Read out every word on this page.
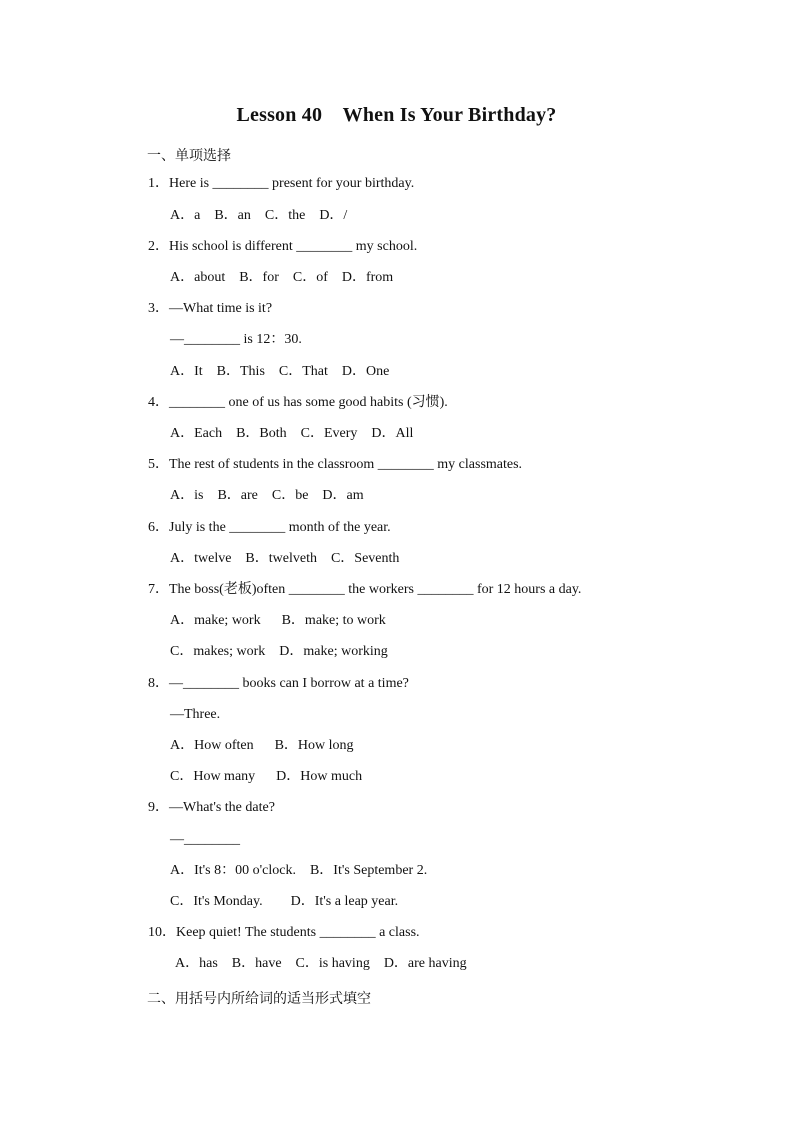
Lesson 40    When Is Your Birthday?
一、单项选择
1．Here is ________ present for your birthday.
A．a    B．an    C．the    D．/
2．His school is different ________ my school.
A．about    B．for    C．of    D．from
3．—What time is it?
—________ is 12：30.
A．It    B．This    C．That    D．One
4．________ one of us has some good habits (习惯).
A．Each    B．Both    C．Every    D．All
5．The rest of students in the classroom ________ my classmates.
A．is    B．are    C．be    D．am
6．July is the ________ month of the year.
A．twelve    B．twelveth    C．Seventh
7．The boss(老板)often ________ the workers ________ for 12 hours a day.
A．make; work      B．make; to work
C．makes; work    D．make; working
8．—________ books can I borrow at a time?
—Three.
A．How often      B．How long
C．How many      D．How much
9．—What's the date?
—________
A．It's 8：00 o'clock.    B．It's September 2.
C．It's Monday.        D．It's a leap year.
10．Keep quiet! The students ________ a class.
A．has    B．have    C．is having    D．are having
二、用括号内所给词的适当形式填空
